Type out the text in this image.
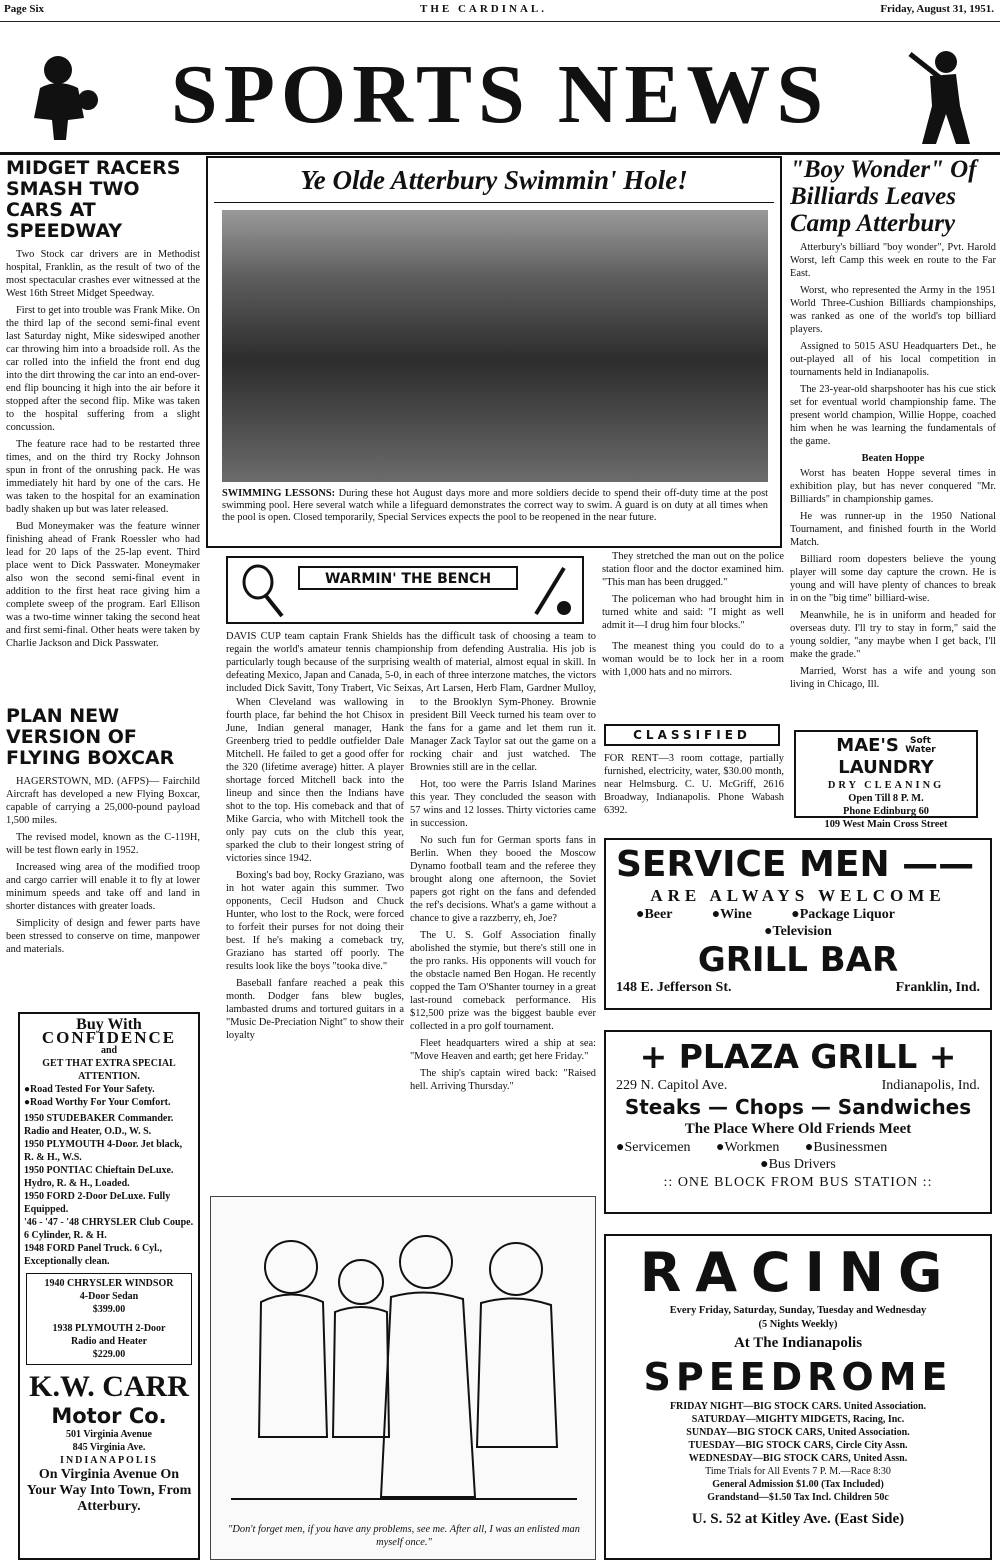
Page Six	THE CARDINAL.	Friday, August 31, 1951.
SPORTS NEWS
MIDGET RACERS SMASH TWO CARS AT SPEEDWAY

Two Stock car drivers are in Methodist hospital, Franklin, as the result of two of the most spectacular crashes ever witnessed at the West 16th Street Midget Speedway.

First to get into trouble was Frank Mike. On the third lap of the second semi-final event last Saturday night, Mike sideswiped another car throwing him into a broadside roll. As the car rolled into the infield the front end dug into the dirt throwing the car into an end-over-end flip bouncing it high into the air before it stopped after the second flip. Mike was taken to the hospital suffering from a slight concussion.

The feature race had to be restarted three times, and on the third try Rocky Johnson spun in front of the onrushing pack. He was immediately hit hard by one of the cars. He was taken to the hospital for an examination badly shaken up but was later released.

Bud Moneymaker was the feature winner finishing ahead of Frank Roessler who had lead for 20 laps of the 25-lap event. Third place went to Dick Passwater. Moneymaker also won the second semi-final event in addition to the first heat race giving him a complete sweep of the program. Earl Ellison was a two-time winner taking the second heat and first semi-final. Other heats were taken by Charlie Jackson and Dick Passwater.

PLAN NEW VERSION OF FLYING BOXCAR

HAGERSTOWN, MD. (AFPS)— Fairchild Aircraft has developed a new Flying Boxcar, capable of carrying a 25,000-pound payload 1,500 miles.

The revised model, known as the C-119H, will be test flown early in 1952.

Increased wing area of the modified troop and cargo carrier will enable it to fly at lower minimum speeds and take off and land in shorter distances with greater loads.

Simplicity of design and fewer parts have been stressed to conserve on time, manpower and materials.

Buy With
CONFIDENCE
and
GET THAT EXTRA SPECIAL ATTENTION.
●Road Tested For Your Safety.
●Road Worthy For Your Comfort.
1950 STUDEBAKER Commander. Radio and Heater, O.D., W. S.
1950 PLYMOUTH 4-Door. Jet black, R. & H., W.S.
1950 PONTIAC Chieftain DeLuxe. Hydro, R. & H., Loaded.
1950 FORD 2-Door DeLuxe. Fully Equipped.
'46 - '47 - '48 CHRYSLER Club Coupe. 6 Cylinder, R. & H.
1948 FORD Panel Truck. 6 Cyl., Exceptionally clean.
1940 CHRYSLER WINDSOR
4-Door Sedan
$399.00
1938 PLYMOUTH 2-Door
Radio and Heater
$229.00
K.W. CARR
Motor Co.
501 Virginia Avenue
845 Virginia Ave.
INDIANAPOLIS
On Virginia Avenue On Your Way Into Town, From Atterbury.
Ye Olde Atterbury Swimmin' Hole!
SWIMMING LESSONS: During these hot August days more and more soldiers decide to spend their off-duty time at the post swimming pool. Here several watch while a lifeguard demonstrates the correct way to swim. A guard is on duty at all times when the pool is open. Closed temporarily, Special Services expects the pool to be reopened in the near future.
WARMIN' THE BENCH

DAVIS CUP team captain Frank Shields has the difficult task of choosing a team to regain the world's amateur tennis championship from defending Australia. His job is particularly tough because of the surprising wealth of material, almost equal in skill. In defeating Mexico, Japan and Canada, 5-0, in each of three interzone matches, the victors included Dick Savitt, Tony Trabert, Vic Seixas, Art Larsen, Herb Flam, Gardner Mulloy,

When Cleveland was wallowing in fourth place, far behind the hot Chisox in June, Indian general manager, Hank Greenberg tried to peddle outfielder Dale Mitchell. He failed to get a good offer for the 320 (lifetime average) hitter. A player shortage forced Mitchell back into the lineup and since then the Indians have shot to the top. His comeback and that of Mike Garcia, who with Mitchell took the only pay cuts on the club this year, sparked the club to their longest string of victories since 1942.

Boxing's bad boy, Rocky Graziano, was in hot water again this summer. Two opponents, Cecil Hudson and Chuck Hunter, who lost to the Rock, were forced to forfeit their purses for not doing their best. If he's making a comeback try, Graziano has started off poorly. The results look like the boys "tooka dive."

Baseball fanfare reached a peak this month. Dodger fans blew bugles, lambasted drums and tortured guitars in a "Music De-Preciation Night" to show their loyalty

to the Brooklyn Sym-Phoney. Brownie president Bill Veeck turned his team over to the fans for a game and let them run it. Manager Zack Taylor sat out the game on a rocking chair and just watched. The Brownies still are in the cellar.

Hot, too were the Parris Island Marines this year. They concluded the season with 57 wins and 12 losses. Thirty victories came in succession.

No such fun for German sports fans in Berlin. When they booed the Moscow Dynamo football team and the referee they brought along one afternoon, the Soviet papers got right on the fans and defended the ref's decisions. What's a game without a chance to give a razzberry, eh, Joe?

The U. S. Golf Association finally abolished the stymie, but there's still one in the pro ranks. His opponents will vouch for the obstacle named Ben Hogan. He recently copped the Tam O'Shanter tourney in a great last-round comeback performance. His $12,500 prize was the biggest bauble ever collected in a pro golf tournament.

Fleet headquarters wired a ship at sea: "Move Heaven and earth; get here Friday."

The ship's captain wired back: "Raised hell. Arriving Thursday."

"Don't forget men, if you have any problems, see me. After all, I was an enlisted man myself once."

They stretched the man out on the police station floor and the doctor examined him. "This man has been drugged."

The policeman who had brought him in turned white and said: "I might as well admit it—I drug him four blocks."

The meanest thing you could do to a woman would be to lock her in a room with 1,000 hats and no mirrors.

CLASSIFIED

FOR RENT—3 room cottage, partially furnished, electricity, water, $30.00 month, near Helmsburg. C. U. McGriff, 2616 Broadway, Indianapolis. Phone Wabash 6392.

"Boy Wonder" Of Billiards Leaves Camp Atterbury

Atterbury's billiard "boy wonder", Pvt. Harold Worst, left Camp this week en route to the Far East.

Worst, who represented the Army in the 1951 World Three-Cushion Billiards championships, was ranked as one of the world's top billiard players.

Assigned to 5015 ASU Headquarters Det., he out-played all of his local competition in tournaments held in Indianapolis.

The 23-year-old sharpshooter has his cue stick set for eventual world championship fame. The present world champion, Willie Hoppe, coached him when he was learning the fundamentals of the game.

Beaten Hoppe

Worst has beaten Hoppe several times in exhibition play, but has never conquered "Mr. Billiards" in championship games.

He was runner-up in the 1950 National Tournament, and finished fourth in the World Match.

Billiard room dopesters believe the young player will some day capture the crown. He is young and will have plenty of chances to break in on the "big time" billiard-wise.

Meanwhile, he is in uniform and headed for overseas duty. I'll try to stay in form," said the young soldier, "any maybe when I get back, I'll make the grade."

Married, Worst has a wife and young son living in Chicago, Ill.

MAE'S Soft
Water LAUNDRY
DRY CLEANING
Open Till 8 P. M.
Phone Edinburg 60
109 West Main Cross Street
SERVICE MEN ——
ARE ALWAYS WELCOME
●Beer	●Wine	●Package Liquor
●Television
GRILL BAR
148 E. Jefferson St.	Franklin, Ind.
+ PLAZA GRILL +
229 N. Capitol Ave.	Indianapolis, Ind.
Steaks — Chops — Sandwiches
The Place Where Old Friends Meet
●Servicemen ●Workmen ●Businessmen
●Bus Drivers
:: ONE BLOCK FROM BUS STATION ::
RACING
Every Friday, Saturday, Sunday, Tuesday and Wednesday
(5 Nights Weekly)
At The Indianapolis
SPEEDROME
FRIDAY NIGHT—BIG STOCK CARS. United Association.
SATURDAY—MIGHTY MIDGETS, Racing, Inc.
SUNDAY—BIG STOCK CARS, United Association.
TUESDAY—BIG STOCK CARS, Circle City Assn.
WEDNESDAY—BIG STOCK CARS, United Assn.
Time Trials for All Events 7 P. M.—Race 8:30
General Admission $1.00 (Tax Included)
Grandstand—$1.50 Tax Incl. Children 50c
U. S. 52 at Kitley Ave. (East Side)
